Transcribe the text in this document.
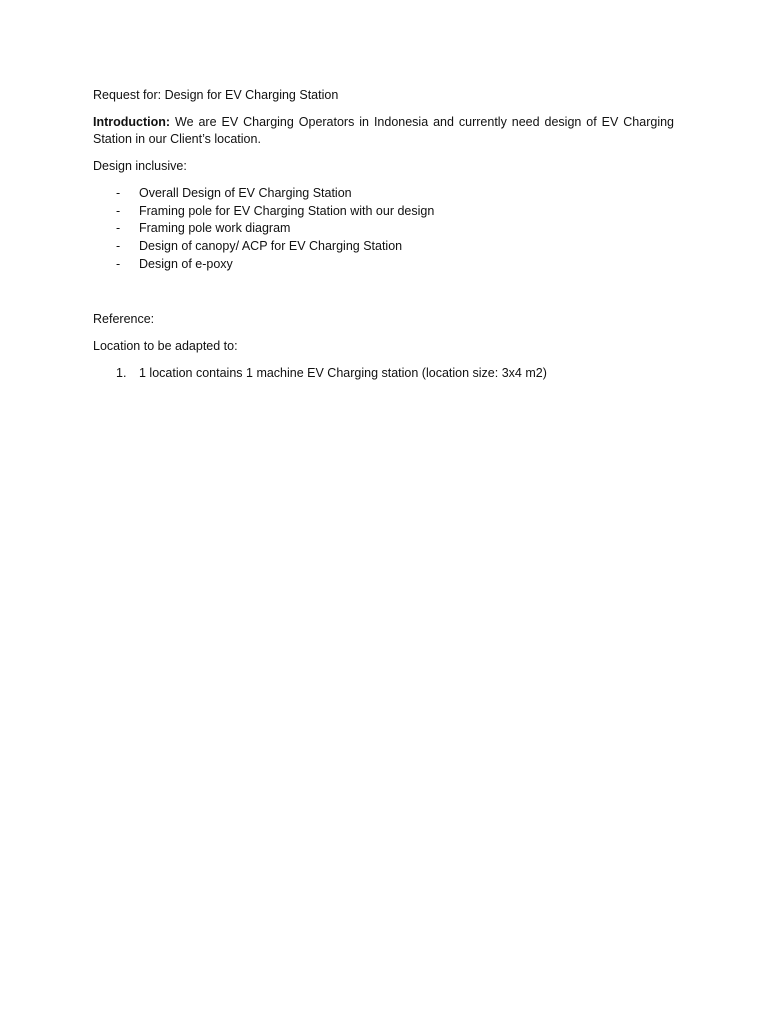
Request for: Design for EV Charging Station

Introduction: We are EV Charging Operators in Indonesia and currently need design of EV Charging Station in our Client’s location.

Design inclusive:

- Overall Design of EV Charging Station
- Framing pole for EV Charging Station with our design
- Framing pole work diagram
- Design of canopy/ ACP for EV Charging Station
- Design of e-poxy

Reference:

Location to be adapted to:

1. 1 location contains 1 machine EV Charging station (location size: 3x4 m2)
